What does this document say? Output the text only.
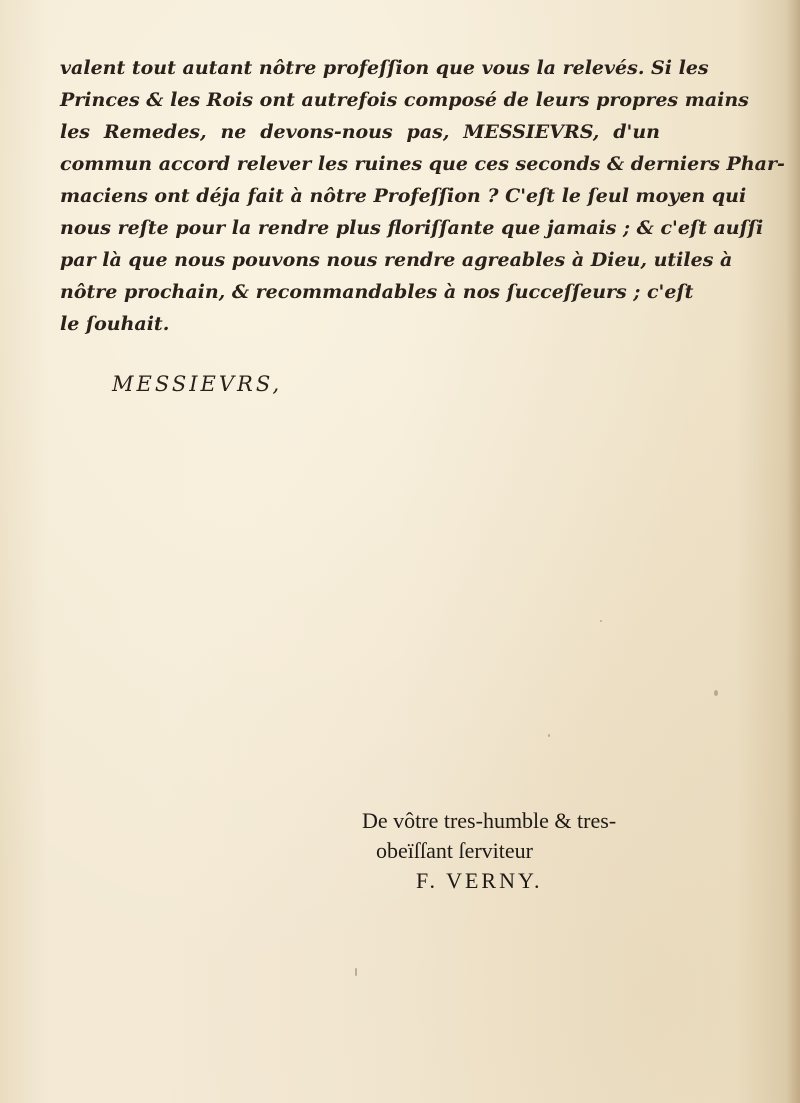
valent tout autant nôtre profeſſion que vous la relevés. Si les
Princes & les Rois ont autrefois composé de leurs propres mains
les Remedes, ne devons-nous pas, MESSIEVRS, d'un
commun accord relever les ruines que ces seconds & derniers Phar-
maciens ont déja fait à nôtre Profeſſion ? C'eſt le ſeul moyen qui
nous reſte pour la rendre plus floriſſante que jamais ; & c'eſt auſſi
par là que nous pouvons nous rendre agreables à Dieu, utiles à
nôtre prochain, & recommandables à nos ſucceſſeurs ; c'eſt
le ſouhait.

MESSIEVRS,

De vôtre tres-humble & tres-
obeïſſant ſerviteur
F. VERNY.
